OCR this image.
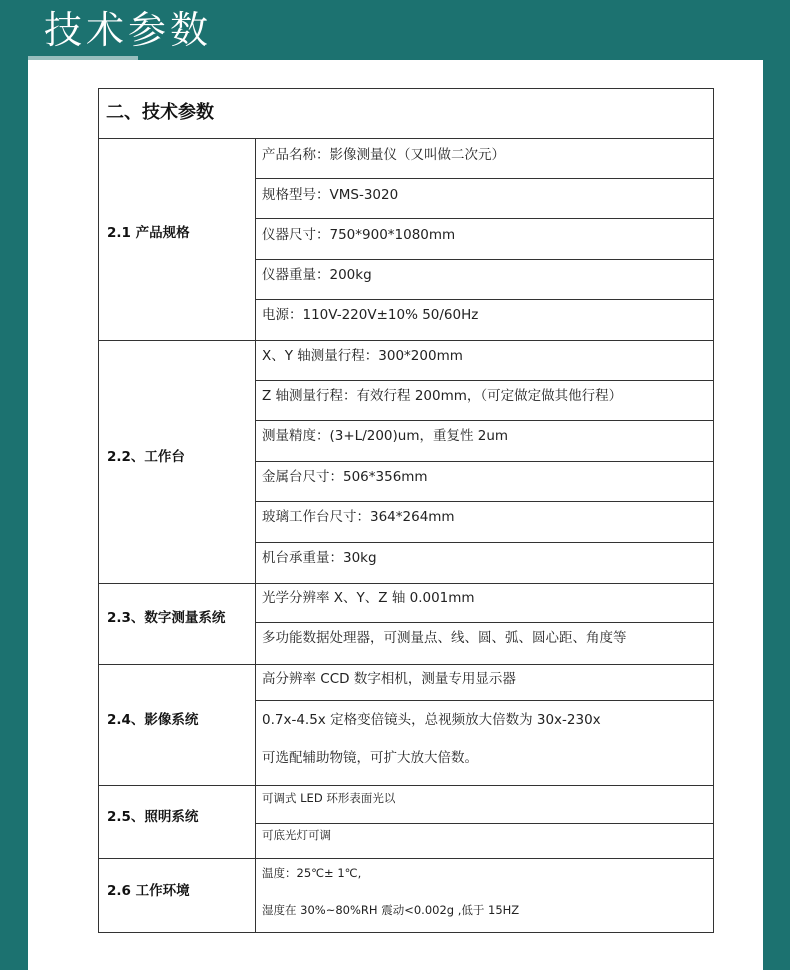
技术参数
二、技术参数
2.1 产品规格
产品名称：影像测量仪（又叫做二次元）
规格型号：VMS-3020
仪器尺寸：750*900*1080mm
仪器重量：200kg
电源：110V-220V±10% 50/60Hz
2.2、工作台
X、Y 轴测量行程：300*200mm
Z 轴测量行程：有效行程 200mm，（可定做定做其他行程）
测量精度：(3+L/200)um，重复性 2um
金属台尺寸：506*356mm
玻璃工作台尺寸：364*264mm
机台承重量：30kg
2.3、数字测量系统
光学分辨率 X、Y、Z 轴 0.001mm
多功能数据处理器，可测量点、线、圆、弧、圆心距、角度等
2.4、影像系统
高分辨率 CCD 数字相机，测量专用显示器
0.7x-4.5x 定格变倍镜头，总视频放大倍数为 30x-230x
可选配辅助物镜，可扩大放大倍数。
2.5、照明系统
可调式 LED 环形表面光以
可底光灯可调
2.6 工作环境
温度：25℃± 1℃,
湿度在 30%~80%RH 震动<0.002g ,低于 15HZ
